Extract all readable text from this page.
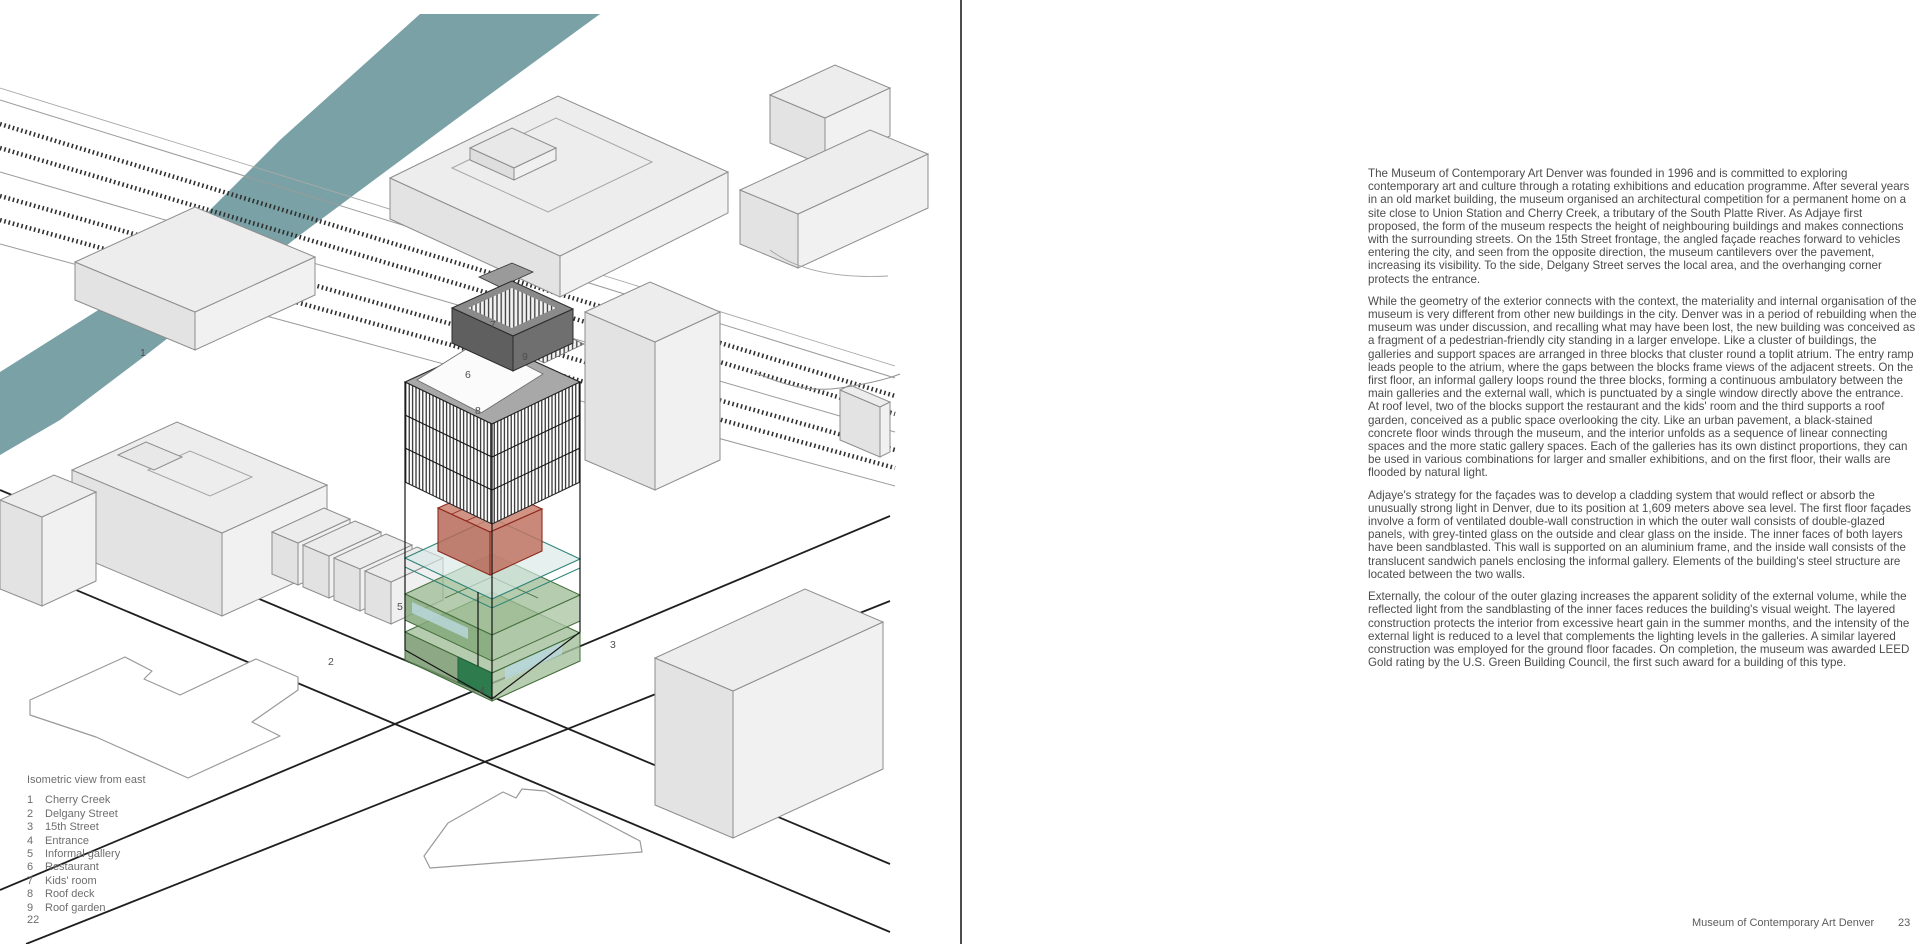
1
2
3
4
5
6
7
8
9
Isometric view from east
1	Cherry Creek
2	Delgany Street
3	15th Street
4	Entrance
5	Informal gallery
6	Restaurant
7	Kids' room
8	Roof deck
9	Roof garden
22

The Museum of Contemporary Art Denver was founded in 1996 and is committed to exploring contemporary art and culture through a rotating exhibitions and education programme. After several years in an old market building, the museum organised an architectural competition for a permanent home on a site close to Union Station and Cherry Creek, a tributary of the South Platte River. As Adjaye first proposed, the form of the museum respects the height of neighbouring buildings and makes connections with the surrounding streets. On the 15th Street frontage, the angled façade reaches forward to vehicles entering the city, and seen from the opposite direction, the museum cantilevers over the pavement, increasing its visibility. To the side, Delgany Street serves the local area, and the overhanging corner protects the entrance.

While the geometry of the exterior connects with the context, the materiality and internal organisation of the museum is very different from other new buildings in the city. Denver was in a period of rebuilding when the museum was under discussion, and recalling what may have been lost, the new building was conceived as a fragment of a pedestrian-friendly city standing in a larger envelope. Like a cluster of buildings, the galleries and support spaces are arranged in three blocks that cluster round a toplit atrium. The entry ramp leads people to the atrium, where the gaps between the blocks frame views of the adjacent streets. On the first floor, an informal gallery loops round the three blocks, forming a continuous ambulatory between the main galleries and the external wall, which is punctuated by a single window directly above the entrance. At roof level, two of the blocks support the restaurant and the kids' room and the third supports a roof garden, conceived as a public space overlooking the city. Like an urban pavement, a black-stained concrete floor winds through the museum, and the interior unfolds as a sequence of linear connecting spaces and the more static gallery spaces. Each of the galleries has its own distinct proportions, they can be used in various combinations for larger and smaller exhibitions, and on the first floor, their walls are flooded by natural light.

Adjaye's strategy for the façades was to develop a cladding system that would reflect or absorb the unusually strong light in Denver, due to its position at 1,609 meters above sea level. The first floor façades involve a form of ventilated double-wall construction in which the outer wall consists of double-glazed panels, with grey-tinted glass on the outside and clear glass on the inside. The inner faces of both layers have been sandblasted. This wall is supported on an aluminium frame, and the inside wall consists of the translucent sandwich panels enclosing the informal gallery. Elements of the building's steel structure are located between the two walls.

Externally, the colour of the outer glazing increases the apparent solidity of the external volume, while the reflected light from the sandblasting of the inner faces reduces the building's visual weight. The layered construction protects the interior from excessive heart gain in the summer months, and the intensity of the external light is reduced to a level that complements the lighting levels in the galleries. A similar layered construction was employed for the ground floor facades. On completion, the museum was awarded LEED Gold rating by the U.S. Green Building Council, the first such award for a building of this type.

Museum of Contemporary Art Denver 23
